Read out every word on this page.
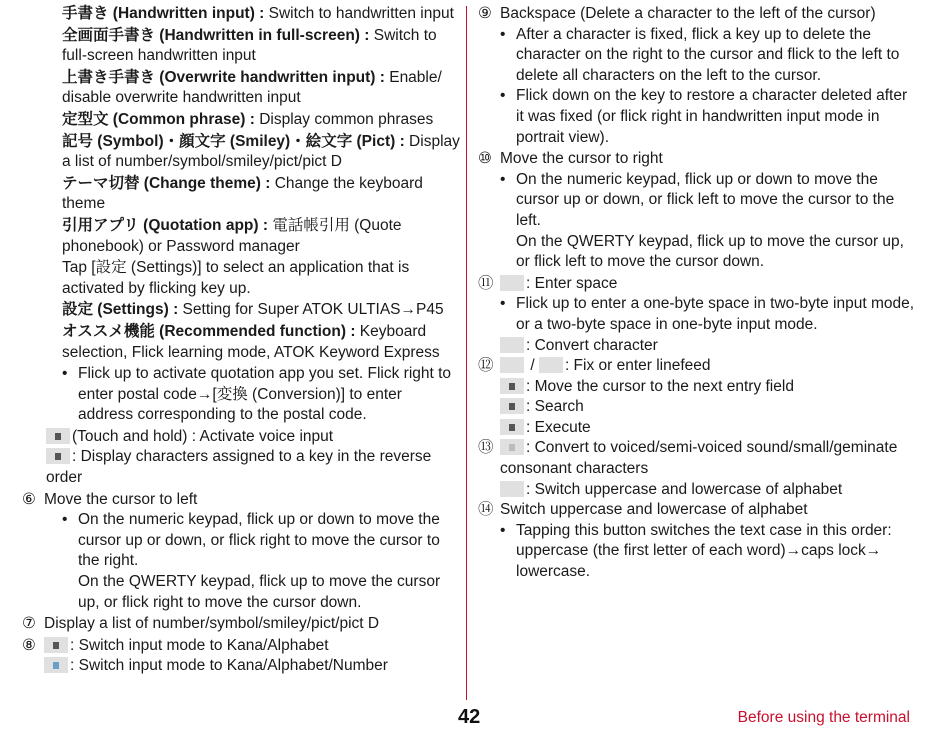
手書き (Handwritten input) : Switch to handwritten input
全画面手書き (Handwritten in full-screen) : Switch to full-screen handwritten input
上書き手書き (Overwrite handwritten input) : Enable/ disable overwrite handwritten input
定型文 (Common phrase) : Display common phrases
記号 (Symbol)・顔文字 (Smiley)・絵文字 (Pict) : Display a list of number/symbol/smiley/pict/pict D
テーマ切替 (Change theme) : Change the keyboard theme
引用アプリ (Quotation app) : 電話帳引用 (Quote phonebook) or Password manager
Tap [設定 (Settings)] to select an application that is activated by flicking key up.
設定 (Settings) : Setting for Super ATOK ULTIAS→P45
オススメ機能 (Recommended function) : Keyboard selection, Flick learning mode, ATOK Keyword Express
• Flick up to activate quotation app you set. Flick right to enter postal code→[変換 (Conversion)] to enter address corresponding to the postal code.
(Touch and hold) : Activate voice input
: Display characters assigned to a key in the reverse order
⑥ Move the cursor to left
• On the numeric keypad, flick up or down to move the cursor up or down, or flick right to move the cursor to the right.
On the QWERTY keypad, flick up to move the cursor up, or flick right to move the cursor down.
⑦ Display a list of number/symbol/smiley/pict/pict D
⑧	: Switch input mode to Kana/Alphabet
: Switch input mode to Kana/Alphabet/Number
⑨ Backspace (Delete a character to the left of the cursor)
• After a character is fixed, flick a key up to delete the character on the right to the cursor and flick to the left to delete all characters on the left to the cursor.
• Flick down on the key to restore a character deleted after it was fixed (or flick right in handwritten input mode in portrait view).
⑩ Move the cursor to right
• On the numeric keypad, flick up or down to move the cursor up or down, or flick left to move the cursor to the left.
On the QWERTY keypad, flick up to move the cursor up, or flick left to move the cursor down.
⑪	: Enter space
• Flick up to enter a one-byte space in two-byte input mode, or a two-byte space in one-byte input mode.
: Convert character
⑫	/ : Fix or enter linefeed
: Move the cursor to the next entry field
: Search
: Execute
⑬	: Convert to voiced/semi-voiced sound/small/geminate consonant characters
: Switch uppercase and lowercase of alphabet
⑭ Switch uppercase and lowercase of alphabet
• Tapping this button switches the text case in this order: uppercase (the first letter of each word)→caps lock→ lowercase.
42	Before using the terminal
